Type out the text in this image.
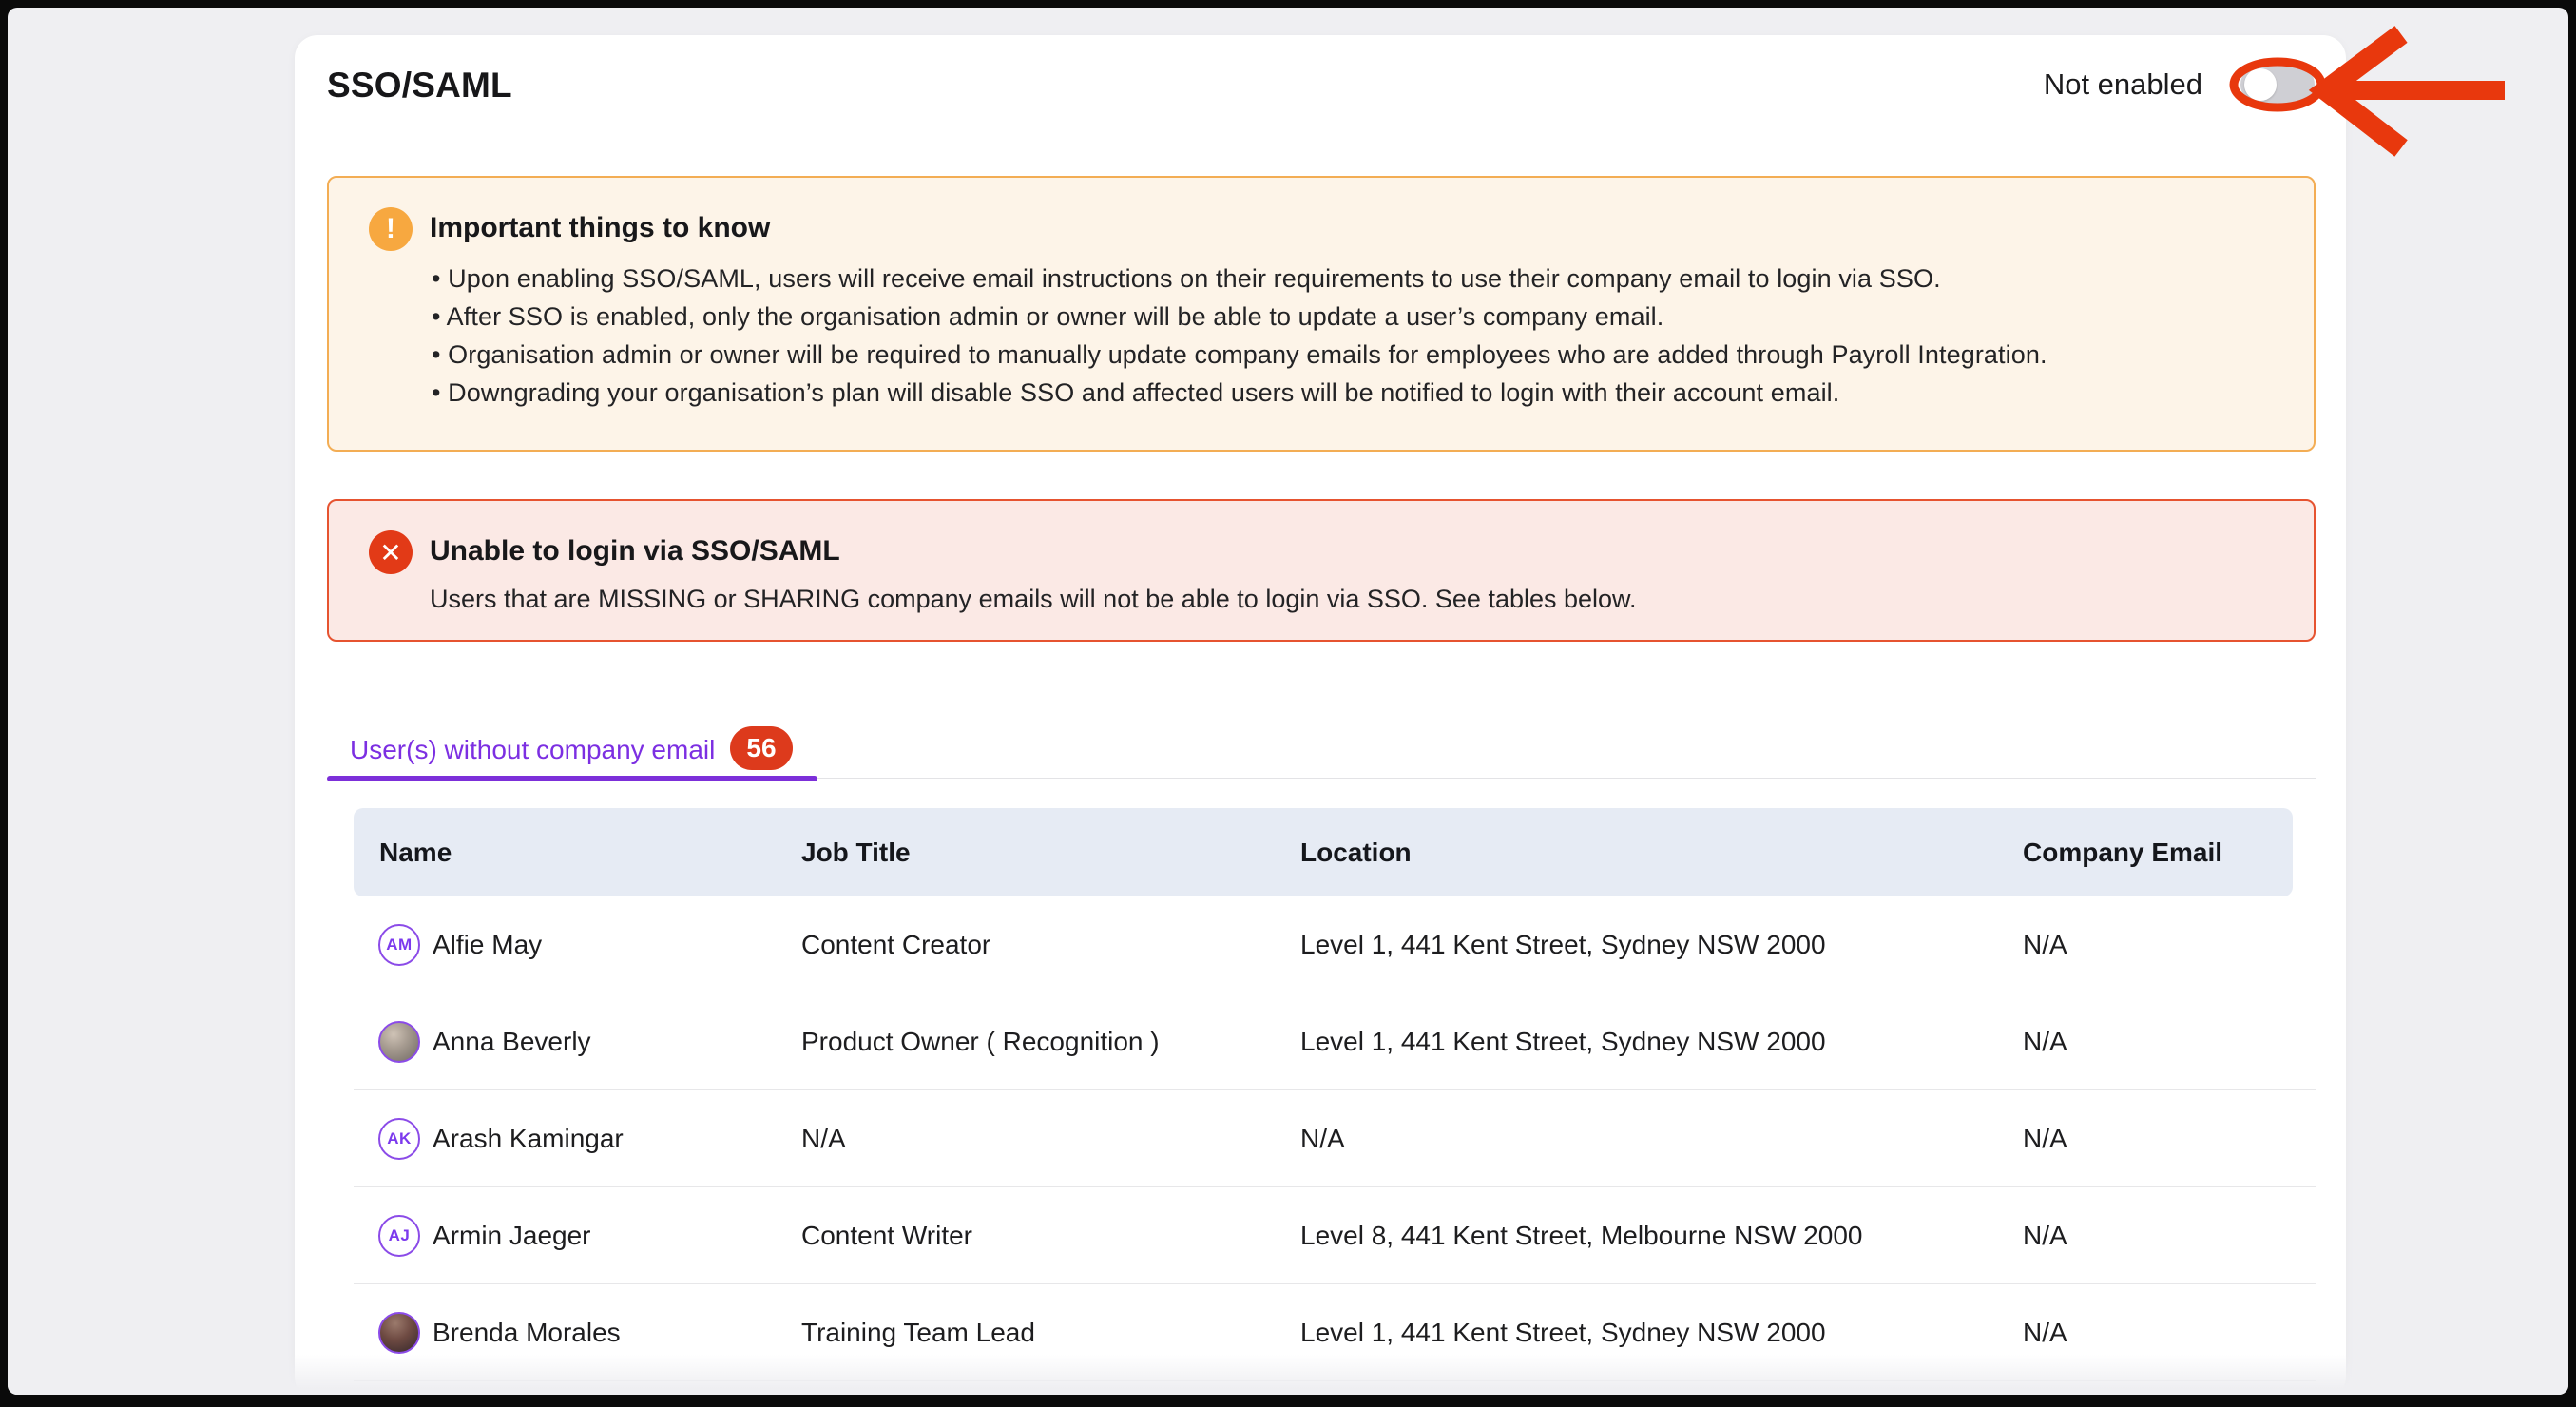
SSO/SAML	Not enabled
!	Important things to know
• Upon enabling SSO/SAML, users will receive email instructions on their requirements to use their company email to login via SSO.
• After SSO is enabled, only the organisation admin or owner will be able to update a user’s company email.
• Organisation admin or owner will be required to manually update company emails for employees who are added through Payroll Integration.
• Downgrading your organisation’s plan will disable SSO and affected users will be notified to login with their account email.
✕ Unable to login via SSO/SAML
Users that are MISSING or SHARING company emails will not be able to login via SSO. See tables below.
User(s) without company email	56
Name	Job Title	Location	Company Email
AM Alfie May	Content Creator	Level 1, 441 Kent Street, Sydney NSW 2000	N/A
Anna Beverly	Product Owner ( Recognition )	Level 1, 441 Kent Street, Sydney NSW 2000	N/A
AK Arash Kamingar	N/A	N/A	N/A
AJ Armin Jaeger	Content Writer	Level 8, 441 Kent Street, Melbourne NSW 2000	N/A
Brenda Morales	Training Team Lead	Level 1, 441 Kent Street, Sydney NSW 2000	N/A
